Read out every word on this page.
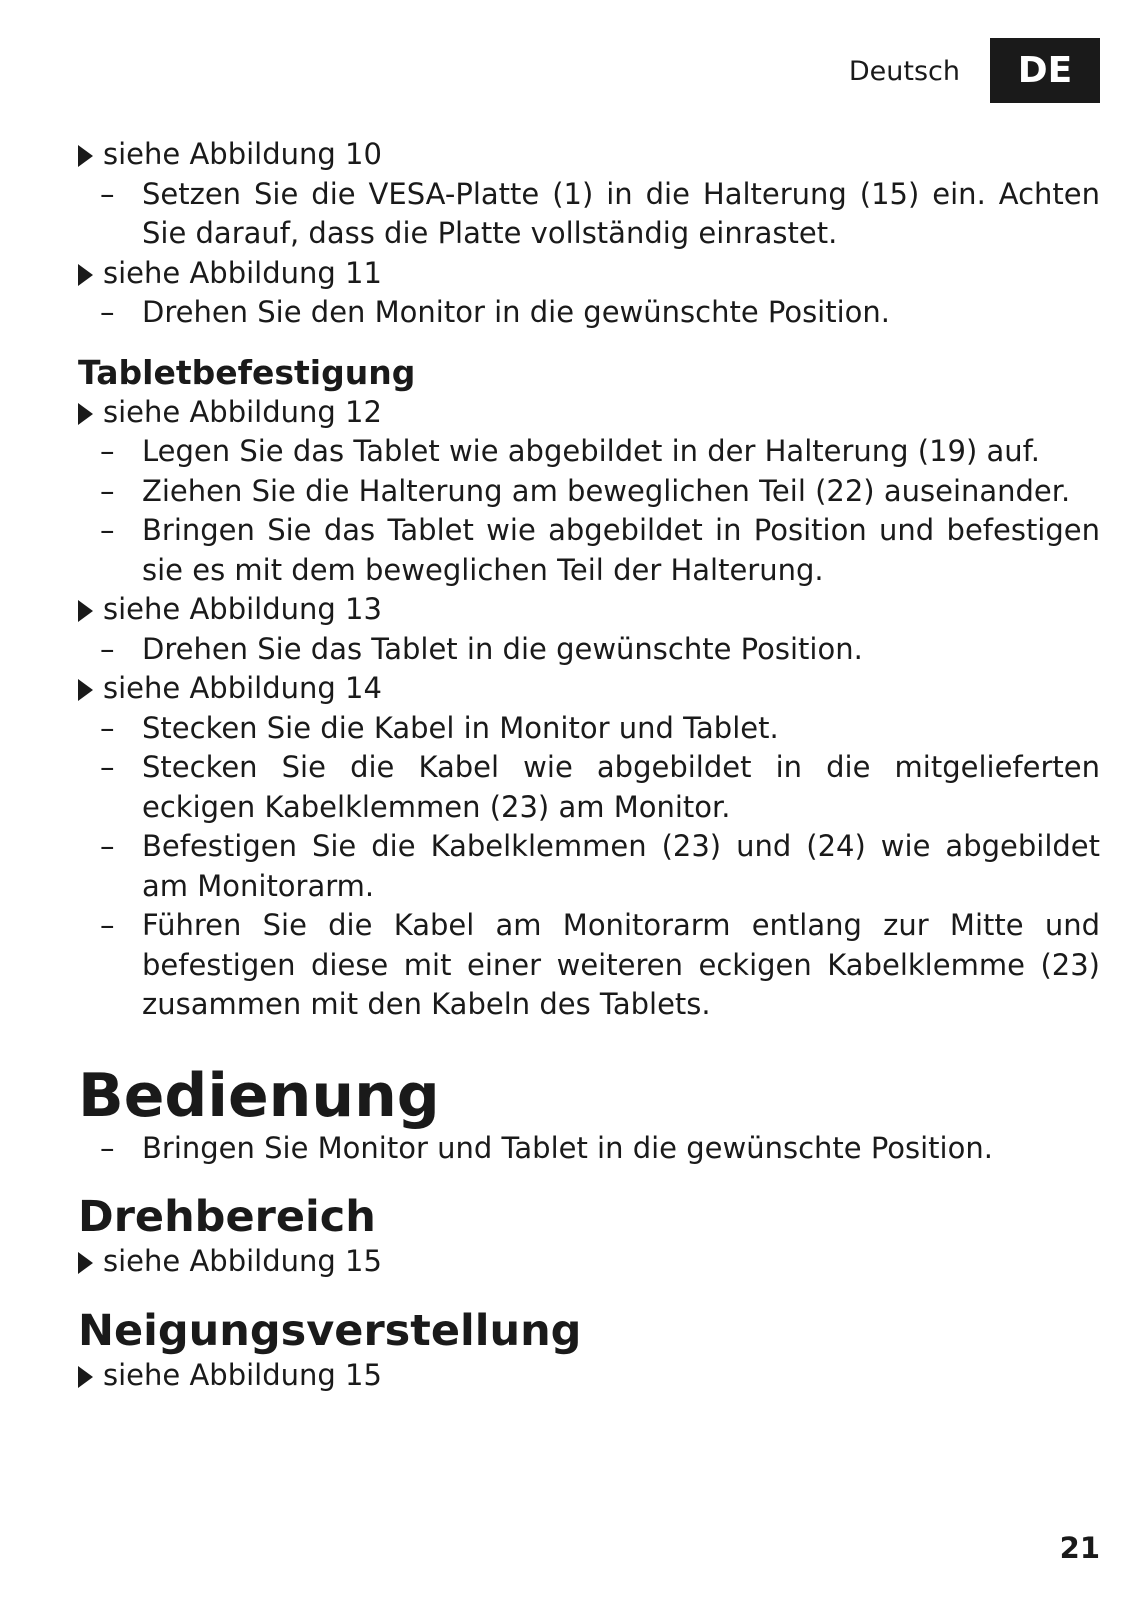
Deutsch	DE
siehe Abbildung 10
– Setzen Sie die VESA-Platte (1) in die Halterung (15) ein. Achten Sie darauf, dass die Platte vollständig einrastet.
siehe Abbildung 11
– Drehen Sie den Monitor in die gewünschte Position.
Tabletbefestigung
siehe Abbildung 12
– Legen Sie das Tablet wie abgebildet in der Halterung (19) auf.
– Ziehen Sie die Halterung am beweglichen Teil (22) auseinander.
– Bringen Sie das Tablet wie abgebildet in Position und befestigen sie es mit dem beweglichen Teil der Halterung.
siehe Abbildung 13
– Drehen Sie das Tablet in die gewünschte Position.
siehe Abbildung 14
– Stecken Sie die Kabel in Monitor und Tablet.
– Stecken Sie die Kabel wie abgebildet in die mitgelieferten eckigen Kabelklemmen (23) am Monitor.
– Befestigen Sie die Kabelklemmen (23) und (24) wie abgebildet am Monitorarm.
– Führen Sie die Kabel am Monitorarm entlang zur Mitte und befestigen diese mit einer weiteren eckigen Kabelklemme (23) zusammen mit den Kabeln des Tablets.
Bedienung
– Bringen Sie Monitor und Tablet in die gewünschte Position.
Drehbereich
siehe Abbildung 15
Neigungsverstellung
siehe Abbildung 15
21
